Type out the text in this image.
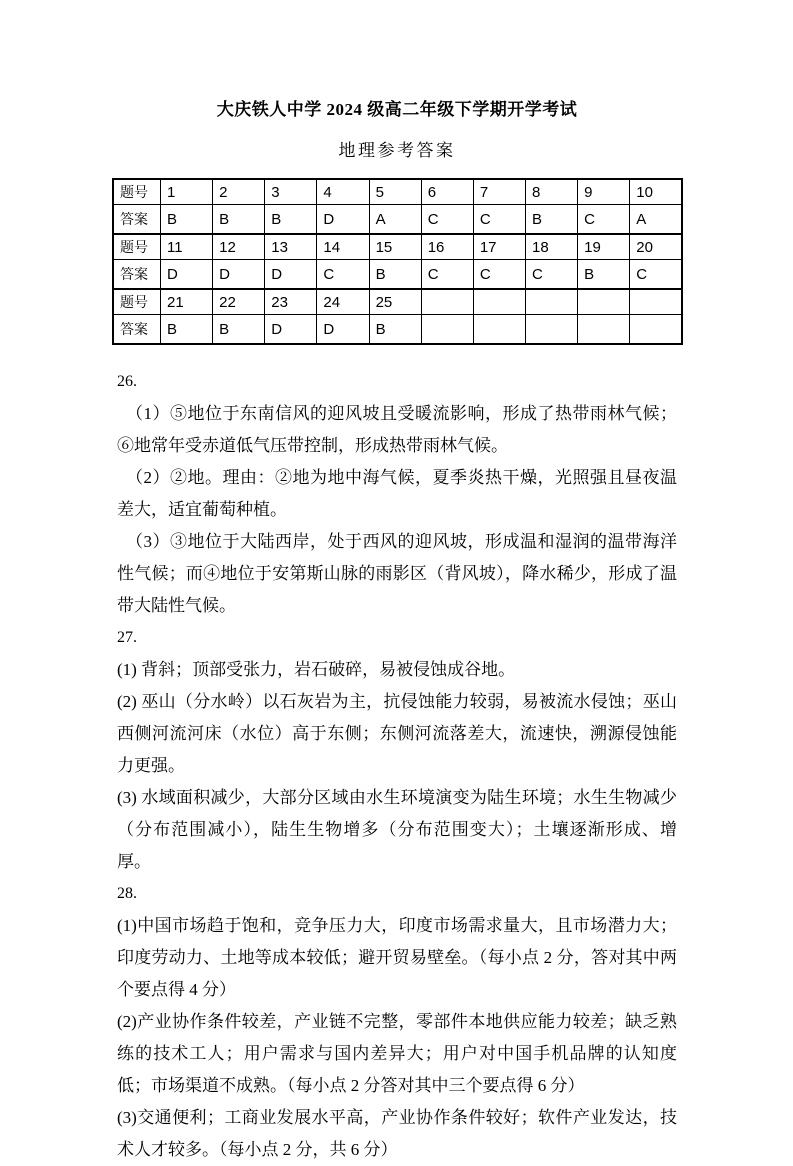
大庆铁人中学 2024 级高二年级下学期开学考试
地理参考答案
题号	1	2	3	4	5	6	7	8	9	10
答案	B	B	B	D	A	C	C	B	C	A
题号	11	12	13	14	15	16	17	18	19	20
答案	D	D	D	C	B	C	C	C	B	C
题号	21	22	23	24	25					
答案	B	B	D	D	B					
26.

（1）⑤地位于东南信风的迎风坡且受暖流影响，形成了热带雨林气候；⑥地常年受赤道低气压带控制，形成热带雨林气候。

（2）②地。理由：②地为地中海气候，夏季炎热干燥，光照强且昼夜温差大，适宜葡萄种植。

（3）③地位于大陆西岸，处于西风的迎风坡，形成温和湿润的温带海洋性气候；而④地位于安第斯山脉的雨影区（背风坡），降水稀少，形成了温带大陆性气候。

27.

(1) 背斜；顶部受张力，岩石破碎，易被侵蚀成谷地。

(2) 巫山（分水岭）以石灰岩为主，抗侵蚀能力较弱，易被流水侵蚀；巫山西侧河流河床（水位）高于东侧；东侧河流落差大，流速快，溯源侵蚀能力更强。

(3) 水域面积减少，大部分区域由水生环境演变为陆生环境；水生生物减少（分布范围减小），陆生生物增多（分布范围变大）；土壤逐渐形成、增厚。

28.

(1)中国市场趋于饱和，竞争压力大，印度市场需求量大，且市场潜力大；印度劳动力、土地等成本较低；避开贸易壁垒。（每小点 2 分，答对其中两个要点得 4 分）

(2)产业协作条件较差，产业链不完整，零部件本地供应能力较差；缺乏熟练的技术工人；用户需求与国内差异大；用户对中国手机品牌的认知度低；市场渠道不成熟。（每小点 2 分答对其中三个要点得 6 分）

(3)交通便利；工商业发展水平高，产业协作条件较好；软件产业发达，技术人才较多。（每小点 2 分，共 6 分）
